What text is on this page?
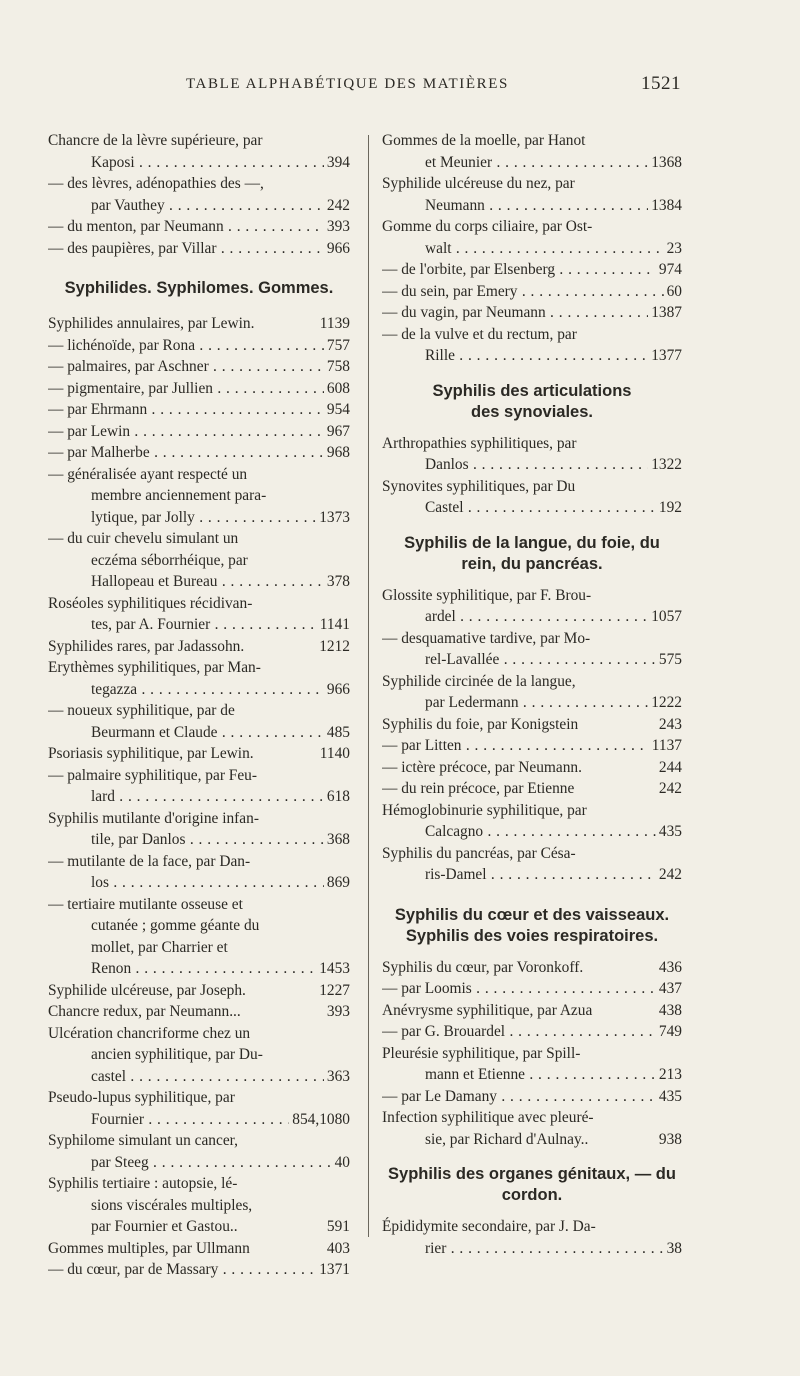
TABLE ALPHABÉTIQUE DES MATIÈRES	1521
Chancre de la lèvre supérieure, par
Kaposi . . .	394
— des lèvres, adénopathies des —,
par Vauthey . . .	242
— du menton, par Neumann . . .	393
— des paupières, par Villar . . .	966
Syphilides. Syphilomes. Gommes.
Syphilides annulaires, par Lewin.	1139
— lichénoïde, par Rona . . .	757
— palmaires, par Aschner . . .	758
— pigmentaire, par Jullien . . .	608
— par Ehrmann . . .	954
— par Lewin . . .	967
— par Malherbe . . .	968
— généralisée ayant respecté un
membre anciennement para-
lytique, par Jolly . . .	1373
— du cuir chevelu simulant un
eczéma séborrhéique, par
Hallopeau et Bureau . . .	378
Roséoles syphilitiques récidivan-
tes, par A. Fournier . . .	1141
Syphilides rares, par Jadassohn.	1212
Erythèmes syphilitiques, par Man-
tegazza . . .	966
— noueux syphilitique, par de
Beurmann et Claude . . .	485
Psoriasis syphilitique, par Lewin.	1140
— palmaire syphilitique, par Feu-
lard . . .	618
Syphilis mutilante d'origine infan-
tile, par Danlos . . .	368
— mutilante de la face, par Dan-
los . . .	869
— tertiaire mutilante osseuse et
cutanée ; gomme géante du
mollet, par Charrier et
Renon . . .	1453
Syphilide ulcéreuse, par Joseph.	1227
Chancre redux, par Neumann...	393
Ulcération chancriforme chez un
ancien syphilitique, par Du-
castel . . .	363
Pseudo-lupus syphilitique, par
Fournier . . .	854,1080
Syphilome simulant un cancer,
par Steeg . . .	40
Syphilis tertiaire : autopsie, lé-
sions viscérales multiples,
par Fournier et Gastou..	591
Gommes multiples, par Ullmann	403
— du cœur, par de Massary . . .	1371
Gommes de la moelle, par Hanot
et Meunier . . .	1368
Syphilide ulcéreuse du nez, par
Neumann . . .	1384
Gomme du corps ciliaire, par Ost-
walt . . .	23
— de l'orbite, par Elsenberg . . .	974
— du sein, par Emery . . .	60
— du vagin, par Neumann . . .	1387
— de la vulve et du rectum, par
Rille . . .	1377
Syphilis des articulations
des synoviales.
Arthropathies syphilitiques, par
Danlos . . .	1322
Synovites syphilitiques, par Du
Castel . . .	192
Syphilis de la langue, du foie, du
rein, du pancréas.
Glossite syphilitique, par F. Brou-
ardel . . .	1057
— desquamative tardive, par Mo-
rel-Lavallée . . .	575
Syphilide circinée de la langue,
par Ledermann . . .	1222
Syphilis du foie, par Konigstein	243
— par Litten . . .	1137
— ictère précoce, par Neumann.	244
— du rein précoce, par Etienne	242
Hémoglobinurie syphilitique, par
Calcagno . . .	435
Syphilis du pancréas, par Césa-
ris-Damel . . .	242
Syphilis du cœur et des vaisseaux.
Syphilis des voies respiratoires.
Syphilis du cœur, par Voronkoff.	436
— par Loomis . . .	437
Anévrysme syphilitique, par Azua	438
— par G. Brouardel . . .	749
Pleurésie syphilitique, par Spill-
mann et Etienne . . .	213
— par Le Damany . . .	435
Infection syphilitique avec pleuré-
sie, par Richard d'Aulnay..	938
Syphilis des organes génitaux, — du
cordon.
Épididymite secondaire, par J. Da-
rier . . .	38
